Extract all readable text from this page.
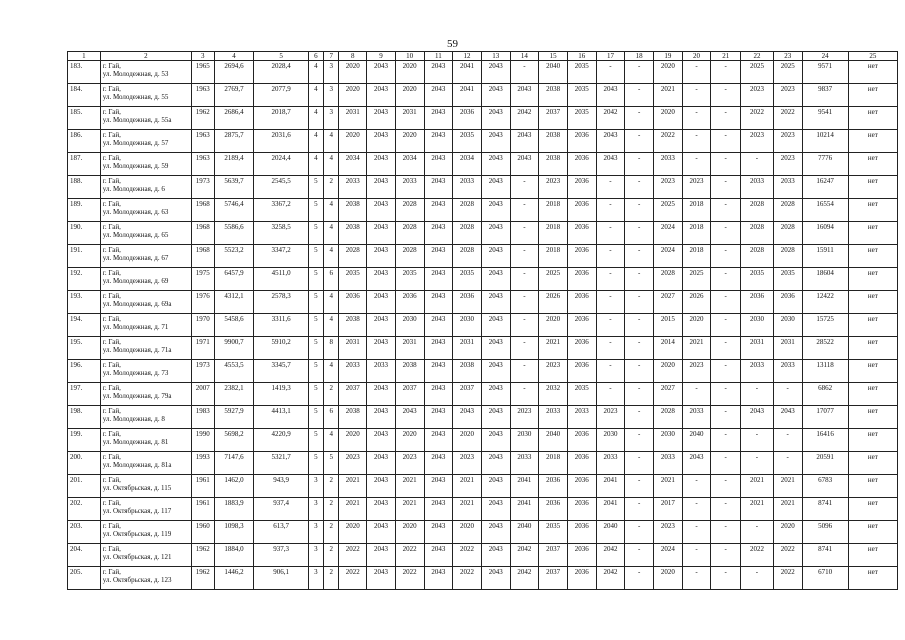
59
1	2	3	4	5	6	7	8	9	10	11	12	13	14	15	16	17	18	19	20	21	22	23	24	25
183.	г. Гай,
ул. Молодежная, д. 53	1965	2694,6	2028,4	4	3	2020	2043	2020	2043	2041	2043	-	2040	2035	-	-	2020	-	-	2025	2025	9571	нет
184.	г. Гай,
ул. Молодежная, д. 55	1963	2769,7	2077,9	4	3	2020	2043	2020	2043	2041	2043	2043	2038	2035	2043	-	2021	-	-	2023	2023	9837	нет
185.	г. Гай,
ул. Молодежная, д. 55а	1962	2686,4	2018,7	4	3	2031	2043	2031	2043	2036	2043	2042	2037	2035	2042	-	2020	-	-	2022	2022	9541	нет
186.	г. Гай,
ул. Молодежная, д. 57	1963	2875,7	2031,6	4	4	2020	2043	2020	2043	2035	2043	2043	2038	2036	2043	-	2022	-	-	2023	2023	10214	нет
187.	г. Гай,
ул. Молодежная, д. 59	1963	2189,4	2024,4	4	4	2034	2043	2034	2043	2034	2043	2043	2038	2036	2043	-	2033	-	-	-	2023	7776	нет
188.	г. Гай,
ул. Молодежная, д. 6	1973	5639,7	2545,5	5	2	2033	2043	2033	2043	2033	2043	-	2023	2036	-	-	2023	2023	-	2033	2033	16247	нет
189.	г. Гай,
ул. Молодежная, д. 63	1968	5746,4	3367,2	5	4	2038	2043	2028	2043	2028	2043	-	2018	2036	-	-	2025	2018	-	2028	2028	16554	нет
190.	г. Гай,
ул. Молодежная, д. 65	1968	5586,6	3258,5	5	4	2038	2043	2028	2043	2028	2043	-	2018	2036	-	-	2024	2018	-	2028	2028	16094	нет
191.	г. Гай,
ул. Молодежная, д. 67	1968	5523,2	3347,2	5	4	2028	2043	2028	2043	2028	2043	-	2018	2036	-	-	2024	2018	-	2028	2028	15911	нет
192.	г. Гай,
ул. Молодежная, д. 69	1975	6457,9	4511,0	5	6	2035	2043	2035	2043	2035	2043	-	2025	2036	-	-	2028	2025	-	2035	2035	18604	нет
193.	г. Гай,
ул. Молодежная, д. 69а	1976	4312,1	2578,3	5	4	2036	2043	2036	2043	2036	2043	-	2026	2036	-	-	2027	2026	-	2036	2036	12422	нет
194.	г. Гай,
ул. Молодежная, д. 71	1970	5458,6	3311,6	5	4	2038	2043	2030	2043	2030	2043	-	2020	2036	-	-	2015	2020	-	2030	2030	15725	нет
195.	г. Гай,
ул. Молодежная, д. 71а	1971	9900,7	5910,2	5	8	2031	2043	2031	2043	2031	2043	-	2021	2036	-	-	2014	2021	-	2031	2031	28522	нет
196.	г. Гай,
ул. Молодежная, д. 73	1973	4553,5	3345,7	5	4	2033	2033	2038	2043	2038	2043	-	2023	2036	-	-	2020	2023	-	2033	2033	13118	нет
197.	г. Гай,
ул. Молодежная, д. 79а	2007	2382,1	1419,3	5	2	2037	2043	2037	2043	2037	2043	-	2032	2035	-	-	2027	-	-	-	-	6862	нет
198.	г. Гай,
ул. Молодежная, д. 8	1983	5927,9	4413,1	5	6	2038	2043	2043	2043	2043	2043	2023	2033	2033	2023	-	2028	2033	-	2043	2043	17077	нет
199.	г. Гай,
ул. Молодежная, д. 81	1990	5698,2	4220,9	5	4	2020	2043	2020	2043	2020	2043	2030	2040	2036	2030	-	2030	2040	-	-	-	16416	нет
200.	г. Гай,
ул. Молодежная, д. 81а	1993	7147,6	5321,7	5	5	2023	2043	2023	2043	2023	2043	2033	2018	2036	2033	-	2033	2043	-	-	-	20591	нет
201.	г. Гай,
ул. Октябрьская, д. 115	1961	1462,0	943,9	3	2	2021	2043	2021	2043	2021	2043	2041	2036	2036	2041	-	2021	-	-	2021	2021	6783	нет
202.	г. Гай,
ул. Октябрьская, д. 117	1961	1883,9	937,4	3	2	2021	2043	2021	2043	2021	2043	2041	2036	2036	2041	-	2017	-	-	2021	2021	8741	нет
203.	г. Гай,
ул. Октябрьская, д. 119	1960	1098,3	613,7	3	2	2020	2043	2020	2043	2020	2043	2040	2035	2036	2040	-	2023	-	-	-	2020	5096	нет
204.	г. Гай,
ул. Октябрьская, д. 121	1962	1884,0	937,3	3	2	2022	2043	2022	2043	2022	2043	2042	2037	2036	2042	-	2024	-	-	2022	2022	8741	нет
205.	г. Гай,
ул. Октябрьская, д. 123	1962	1446,2	906,1	3	2	2022	2043	2022	2043	2022	2043	2042	2037	2036	2042	-	2020	-	-	-	2022	6710	нет
